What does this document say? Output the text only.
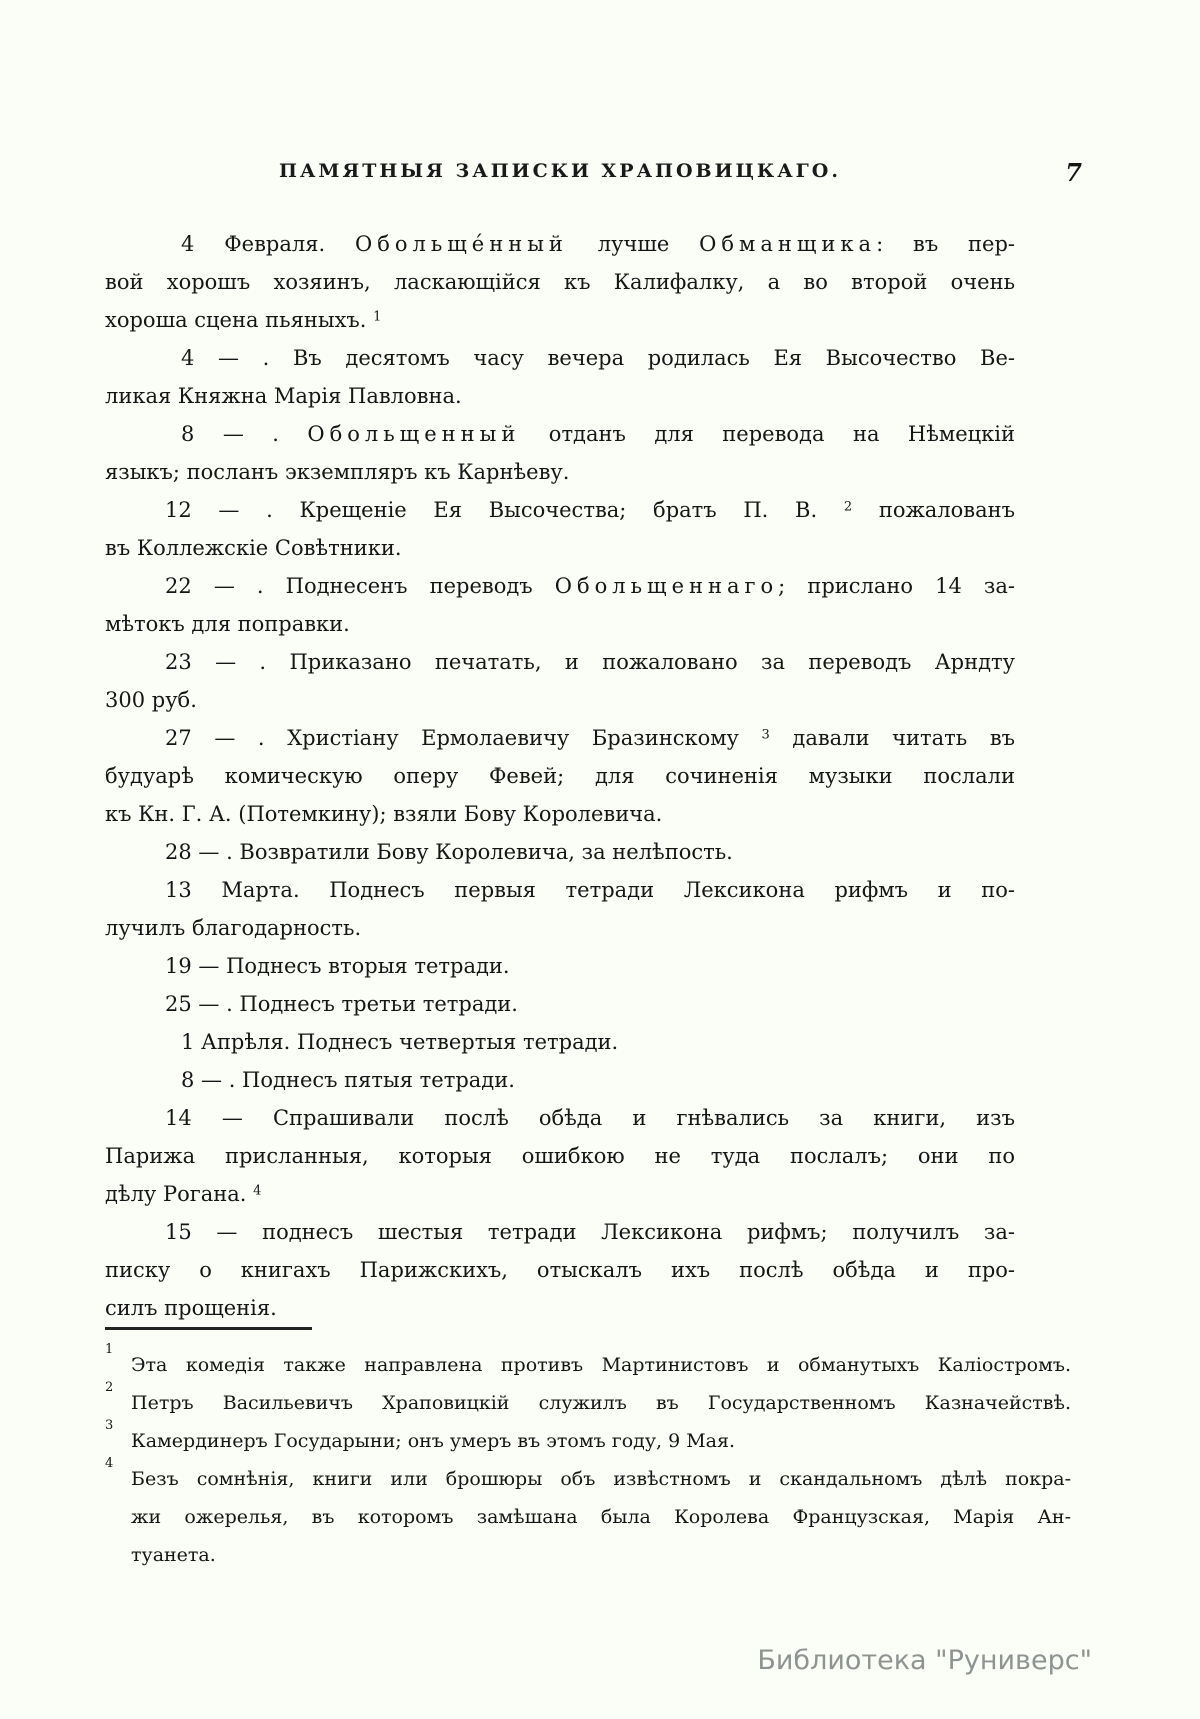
ПАМЯТНЫЯ ЗАПИСКИ ХРАПОВИЦКАГО.	7
4 Февраля. Обольще́нный лучше Обманщика: въ пер-
вой хорошъ хозяинъ, ласкающійся къ Калифалку, а во второй очень
хороша сцена пьяныхъ. $^1$
4 — . Въ десятомъ часу вечера родилась Ея Высочество Ве-
ликая Княжна Марія Павловна.
8 — . Обольщенный отданъ для перевода на Нѣмецкій
языкъ; посланъ экземпляръ къ Карнѣеву.
12 — . Крещеніе Ея Высочества; братъ П. В. $^2$ пожалованъ
въ Коллежскіе Совѣтники.
22 — . Поднесенъ переводъ Обольщеннаго; прислано 14 за-
мѣтокъ для поправки.
23 — . Приказано печатать, и пожаловано за переводъ Арндту
300 руб.
27 — . Христіану Ермолаевичу Бразинскому $^3$ давали читать въ
будуарѣ комическую оперу Февей; для сочиненія музыки послали
къ Кн. Г. А. (Потемкину); взяли Бову Королевича.
28 — . Возвратили Бову Королевича, за нелѣпость.
13 Марта. Поднесъ первыя тетради Лексикона рифмъ и по-
лучилъ благодарность.
19 — Поднесъ вторыя тетради.
25 — . Поднесъ третьи тетради.
1 Апрѣля. Поднесъ четвертыя тетради.
8 — . Поднесъ пятыя тетради.
14 — Спрашивали послѣ обѣда и гнѣвались за книги, изъ
Парижа присланныя, которыя ошибкою не туда послалъ; они по
дѣлу Рогана. $^4$
15 — поднесъ шестыя тетради Лексикона рифмъ; получилъ за-
писку о книгахъ Парижскихъ, отыскалъ ихъ послѣ обѣда и про-
силъ прощенія.
1
Эта комедія также направлена противъ Мартинистовъ и обманутыхъ Каліостромъ.
2
Петръ Васильевичъ Храповицкій служилъ въ Государственномъ Казначействѣ.
3
Камердинеръ Государыни; онъ умеръ въ этомъ году, 9 Мая.
4
Безъ сомнѣнія, книги или брошюры объ извѣстномъ и скандальномъ дѣлѣ покра-
жи ожерелья, въ которомъ замѣшана была Королева Французская, Марія Ан-
туанета.
Библиотека "Руниверс"
